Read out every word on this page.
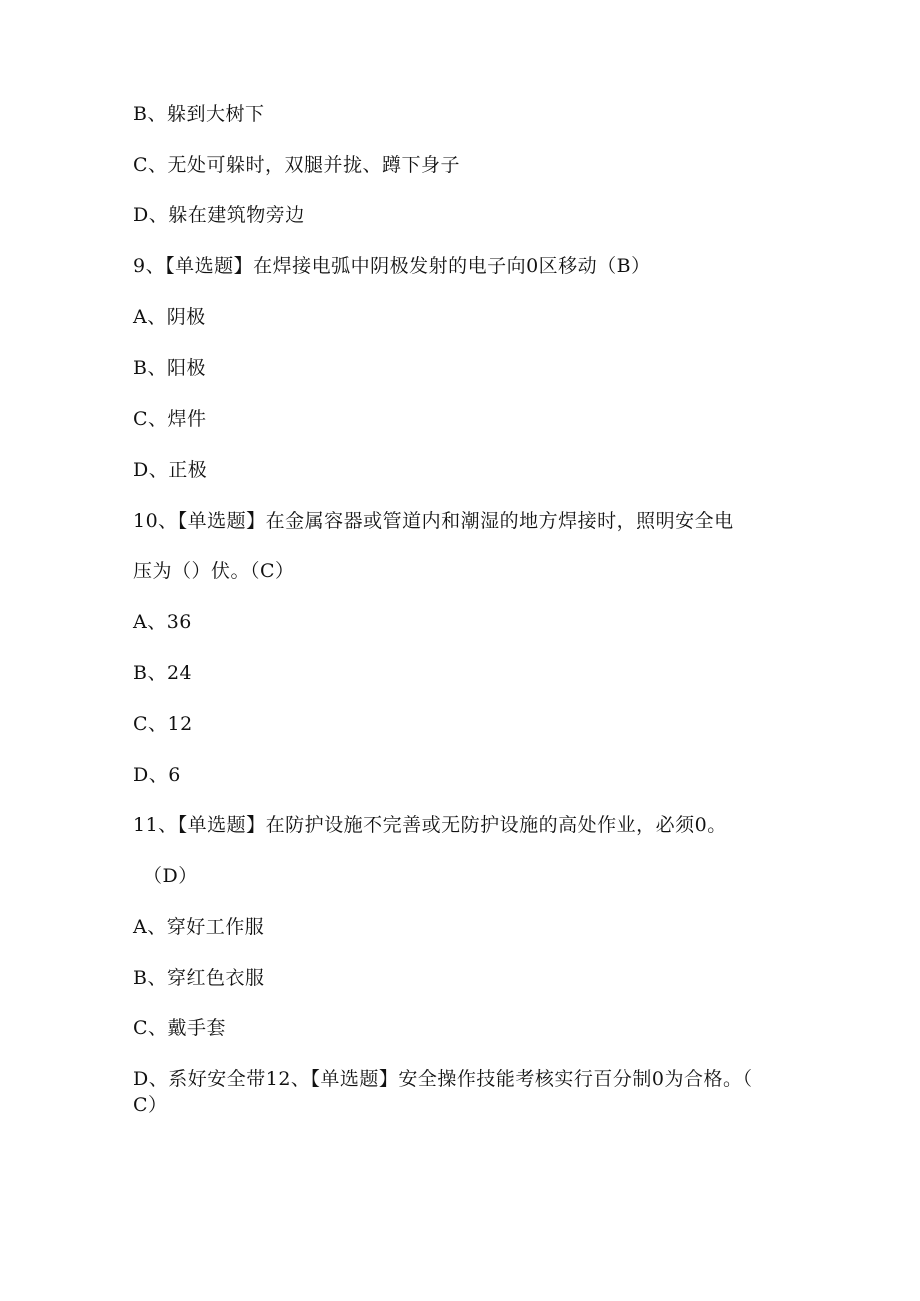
B、躲到大树下
C、无处可躲时，双腿并拢、蹲下身子
D、躲在建筑物旁边
9、【单选题】在焊接电弧中阴极发射的电子向0区移动（B）
A、阴极
B、阳极
C、焊件
D、正极
10、【单选题】在金属容器或管道内和潮湿的地方焊接时，照明安全电
压为（）伏。（C）
A、36
B、24
C、12
D、6
11、【单选题】在防护设施不完善或无防护设施的高处作业，必须0。
（D）
A、穿好工作服
B、穿红色衣服
C、戴手套
D、系好安全带12、【单选题】安全操作技能考核实行百分制0为合格。（
C）
